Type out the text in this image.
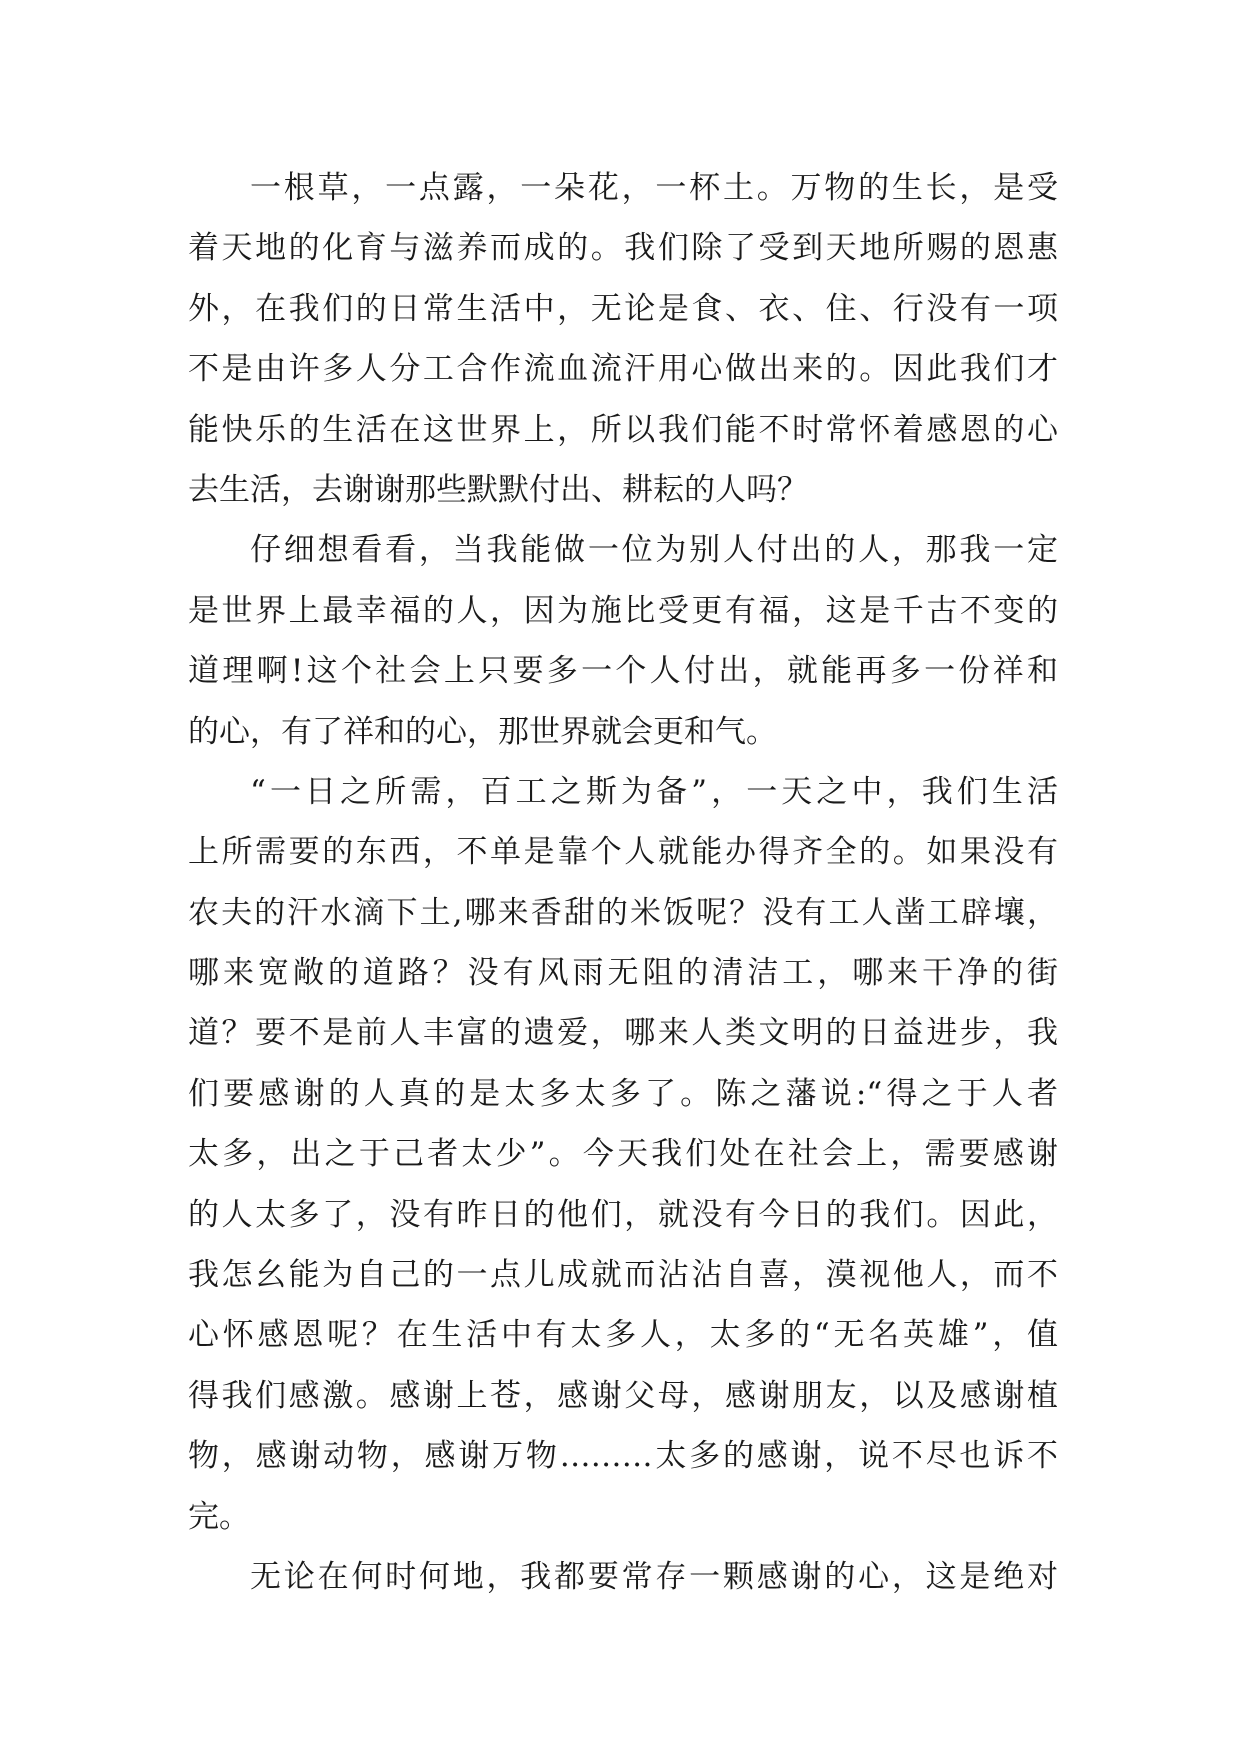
一根草，一点露，一朵花，一杯土。万物的生长，是受
着天地的化育与滋养而成的。我们除了受到天地所赐的恩惠
外，在我们的日常生活中，无论是食、衣、住、行没有一项
不是由许多人分工合作流血流汗用心做出来的。因此我们才
能快乐的生活在这世界上，所以我们能不时常怀着感恩的心
去生活，去谢谢那些默默付出、耕耘的人吗？
仔细想看看，当我能做一位为别人付出的人，那我一定
是世界上最幸福的人，因为施比受更有福，这是千古不变的
道理啊!这个社会上只要多一个人付出，就能再多一份祥和
的心，有了祥和的心，那世界就会更和气。
“一日之所需，百工之斯为备”，一天之中，我们生活
上所需要的东西，不单是靠个人就能办得齐全的。如果没有
农夫的汗水滴下土,哪来香甜的米饭呢？没有工人凿工辟壤，
哪来宽敞的道路？没有风雨无阻的清洁工，哪来干净的街
道？要不是前人丰富的遗爱，哪来人类文明的日益进步，我
们要感谢的人真的是太多太多了。陈之藩说:“得之于人者
太多，出之于己者太少”。今天我们处在社会上，需要感谢
的人太多了，没有昨日的他们，就没有今日的我们。因此，
我怎幺能为自己的一点儿成就而沾沾自喜，漠视他人，而不
心怀感恩呢？在生活中有太多人，太多的“无名英雄”，值
得我们感激。感谢上苍，感谢父母，感谢朋友，以及感谢植
物，感谢动物，感谢万物………太多的感谢，说不尽也诉不
完。
无论在何时何地，我都要常存一颗感谢的心，这是绝对
